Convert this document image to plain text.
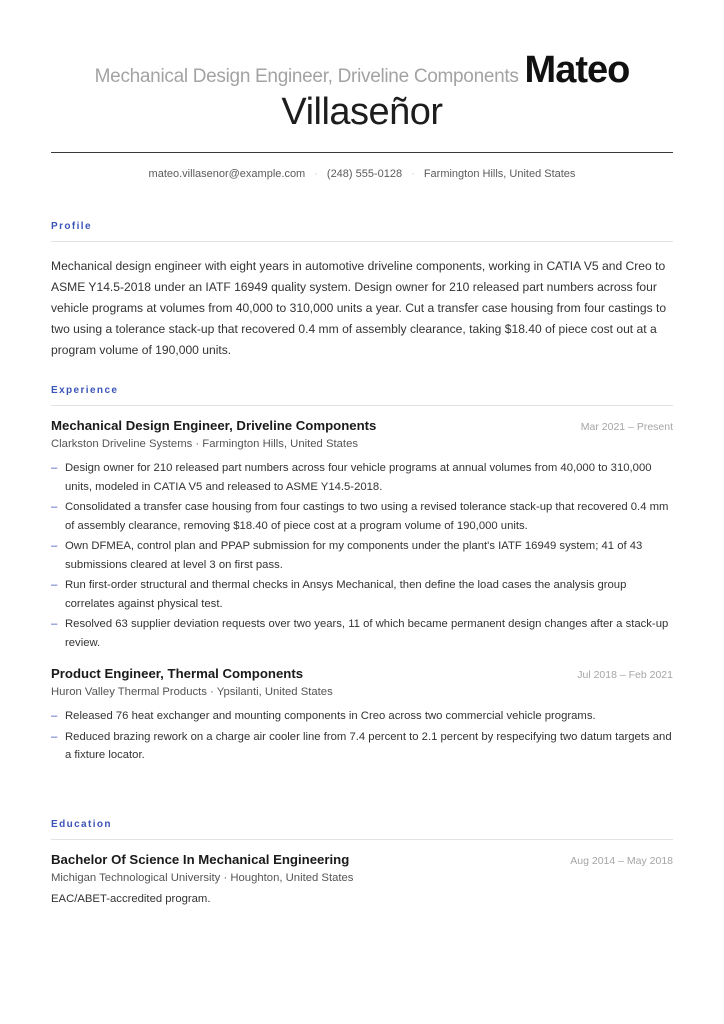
Mechanical Design Engineer, Driveline Components Mateo
Villaseñor
mateo.villasenor@example.com · (248) 555-0128 · Farmington Hills, United States
Profile
Mechanical design engineer with eight years in automotive driveline components, working in CATIA V5 and Creo to ASME Y14.5-2018 under an IATF 16949 quality system. Design owner for 210 released part numbers across four vehicle programs at volumes from 40,000 to 310,000 units a year. Cut a transfer case housing from four castings to two using a tolerance stack-up that recovered 0.4 mm of assembly clearance, taking $18.40 of piece cost out at a program volume of 190,000 units.
Experience
Mechanical Design Engineer, Driveline Components	Mar 2021 – Present
Clarkston Driveline Systems · Farmington Hills, United States
– Design owner for 210 released part numbers across four vehicle programs at annual volumes from 40,000 to 310,000 units, modeled in CATIA V5 and released to ASME Y14.5-2018.
– Consolidated a transfer case housing from four castings to two using a revised tolerance stack-up that recovered 0.4 mm of assembly clearance, removing $18.40 of piece cost at a program volume of 190,000 units.
– Own DFMEA, control plan and PPAP submission for my components under the plant's IATF 16949 system; 41 of 43 submissions cleared at level 3 on first pass.
– Run first-order structural and thermal checks in Ansys Mechanical, then define the load cases the analysis group correlates against physical test.
– Resolved 63 supplier deviation requests over two years, 11 of which became permanent design changes after a stack-up review.
Product Engineer, Thermal Components	Jul 2018 – Feb 2021
Huron Valley Thermal Products · Ypsilanti, United States
– Released 76 heat exchanger and mounting components in Creo across two commercial vehicle programs.
– Reduced brazing rework on a charge air cooler line from 7.4 percent to 2.1 percent by respecifying two datum targets and a fixture locator.
Education
Bachelor Of Science In Mechanical Engineering	Aug 2014 – May 2018
Michigan Technological University · Houghton, United States
EAC/ABET-accredited program.
